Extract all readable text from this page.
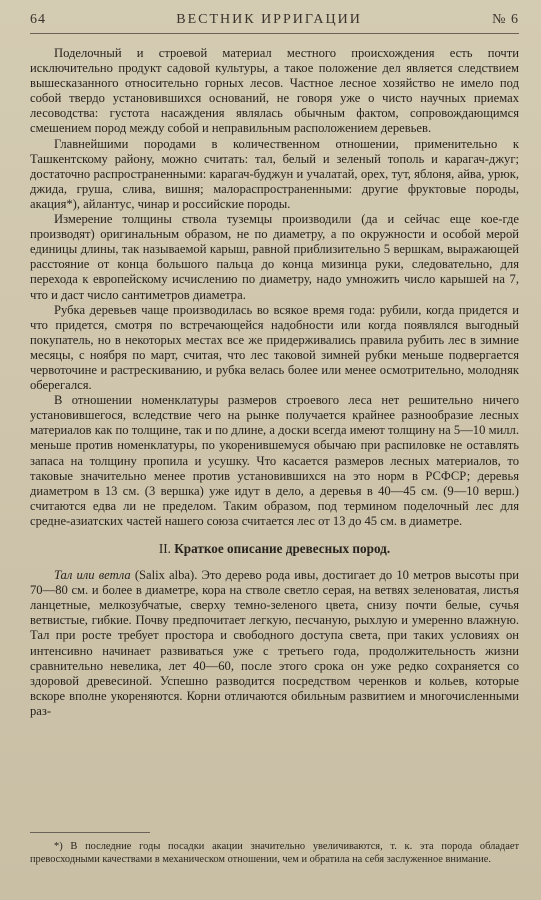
64	ВЕСТНИК ИРРИГАЦИИ	№ 6

Поделочный и строевой материал местного происхождения есть почти исключительно продукт садовой культуры, а такое положение дел является следствием вышесказанного относительно горных лесов. Частное лесное хозяйство не имело под собой твердо установившихся оснований, не говоря уже о чисто научных приемах лесоводства: густота насаждения являлась обычным фактом, сопровождающимся смешением пород между собой и неправильным расположением деревьев.

Главнейшими породами в количественном отношении, применительно к Ташкентскому району, можно считать: тал, белый и зеленый тополь и карагач-джуг; достаточно распространенными: карагач-буджун и учалатай, орех, тут, яблоня, айва, урюк, джида, груша, слива, вишня; малораспространенными: другие фруктовые породы, акация*), айлантус, чинар и российские породы.

Измерение толщины ствола туземцы производили (да и сейчас еще кое-где производят) оригинальным образом, не по диаметру, а по окружности и особой мерой единицы длины, так называемой карыш, равной приблизительно 5 вершкам, выражающей расстояние от конца большого пальца до конца мизинца руки, следовательно, для перехода к европейскому исчислению по диаметру, надо умножить число карышей на 7, что и даст число сантиметров диаметра.

Рубка деревьев чаще производилась во всякое время года: рубили, когда придется и что придется, смотря по встречающейся надобности или когда появлялся выгодный покупатель, но в некоторых местах все же придерживались правила рубить лес в зимние месяцы, с ноября по март, считая, что лес таковой зимней рубки меньше подвергается червоточине и растрескиванию, и рубка велась более или менее осмотрительно, молодняк оберегался.

В отношении номенклатуры размеров строевого леса нет решительно ничего установившегося, вследствие чего на рынке получается крайнее разнообразие лесных материалов как по толщине, так и по длине, а доски всегда имеют толщину на 5—10 милл. меньше против номенклатуры, по укоренившемуся обычаю при распиловке не оставлять запаса на толщину пропила и усушку. Что касается размеров лесных материалов, то таковые значительно менее против установившихся на это норм в РСФСР; деревья диаметром в 13 см. (3 вершка) уже идут в дело, а деревья в 40—45 см. (9—10 верш.) считаются едва ли не пределом. Таким образом, под термином поделочный лес для средне-азиатских частей нашего союза считается лес от 13 до 45 см. в диаметре.

II. Краткое описание древесных пород.

Тал или ветла (Salix alba). Это дерево рода ивы, достигает до 10 метров высоты при 70—80 см. и более в диаметре, кора на стволе светло серая, на ветвях зеленоватая, листья ланцетные, мелкозубчатые, сверху темно-зеленого цвета, снизу почти белые, сучья ветвистые, гибкие. Почву предпочитает легкую, песчаную, рыхлую и умеренно влажную. Тал при росте требует простора и свободного доступа света, при таких условиях он интенсивно начинает развиваться уже с третьего года, продолжительность жизни сравнительно невелика, лет 40—60, после этого срока он уже редко сохраняется со здоровой древесиной. Успешно разводится посредством черенков и кольев, которые вскоре вполне укореняются. Корни отличаются обильным развитием и многочисленными раз-

*) В последние годы посадки акации значительно увеличиваются, т. к. эта порода обладает превосходными качествами в механическом отношении, чем и обратила на себя заслуженное внимание.
